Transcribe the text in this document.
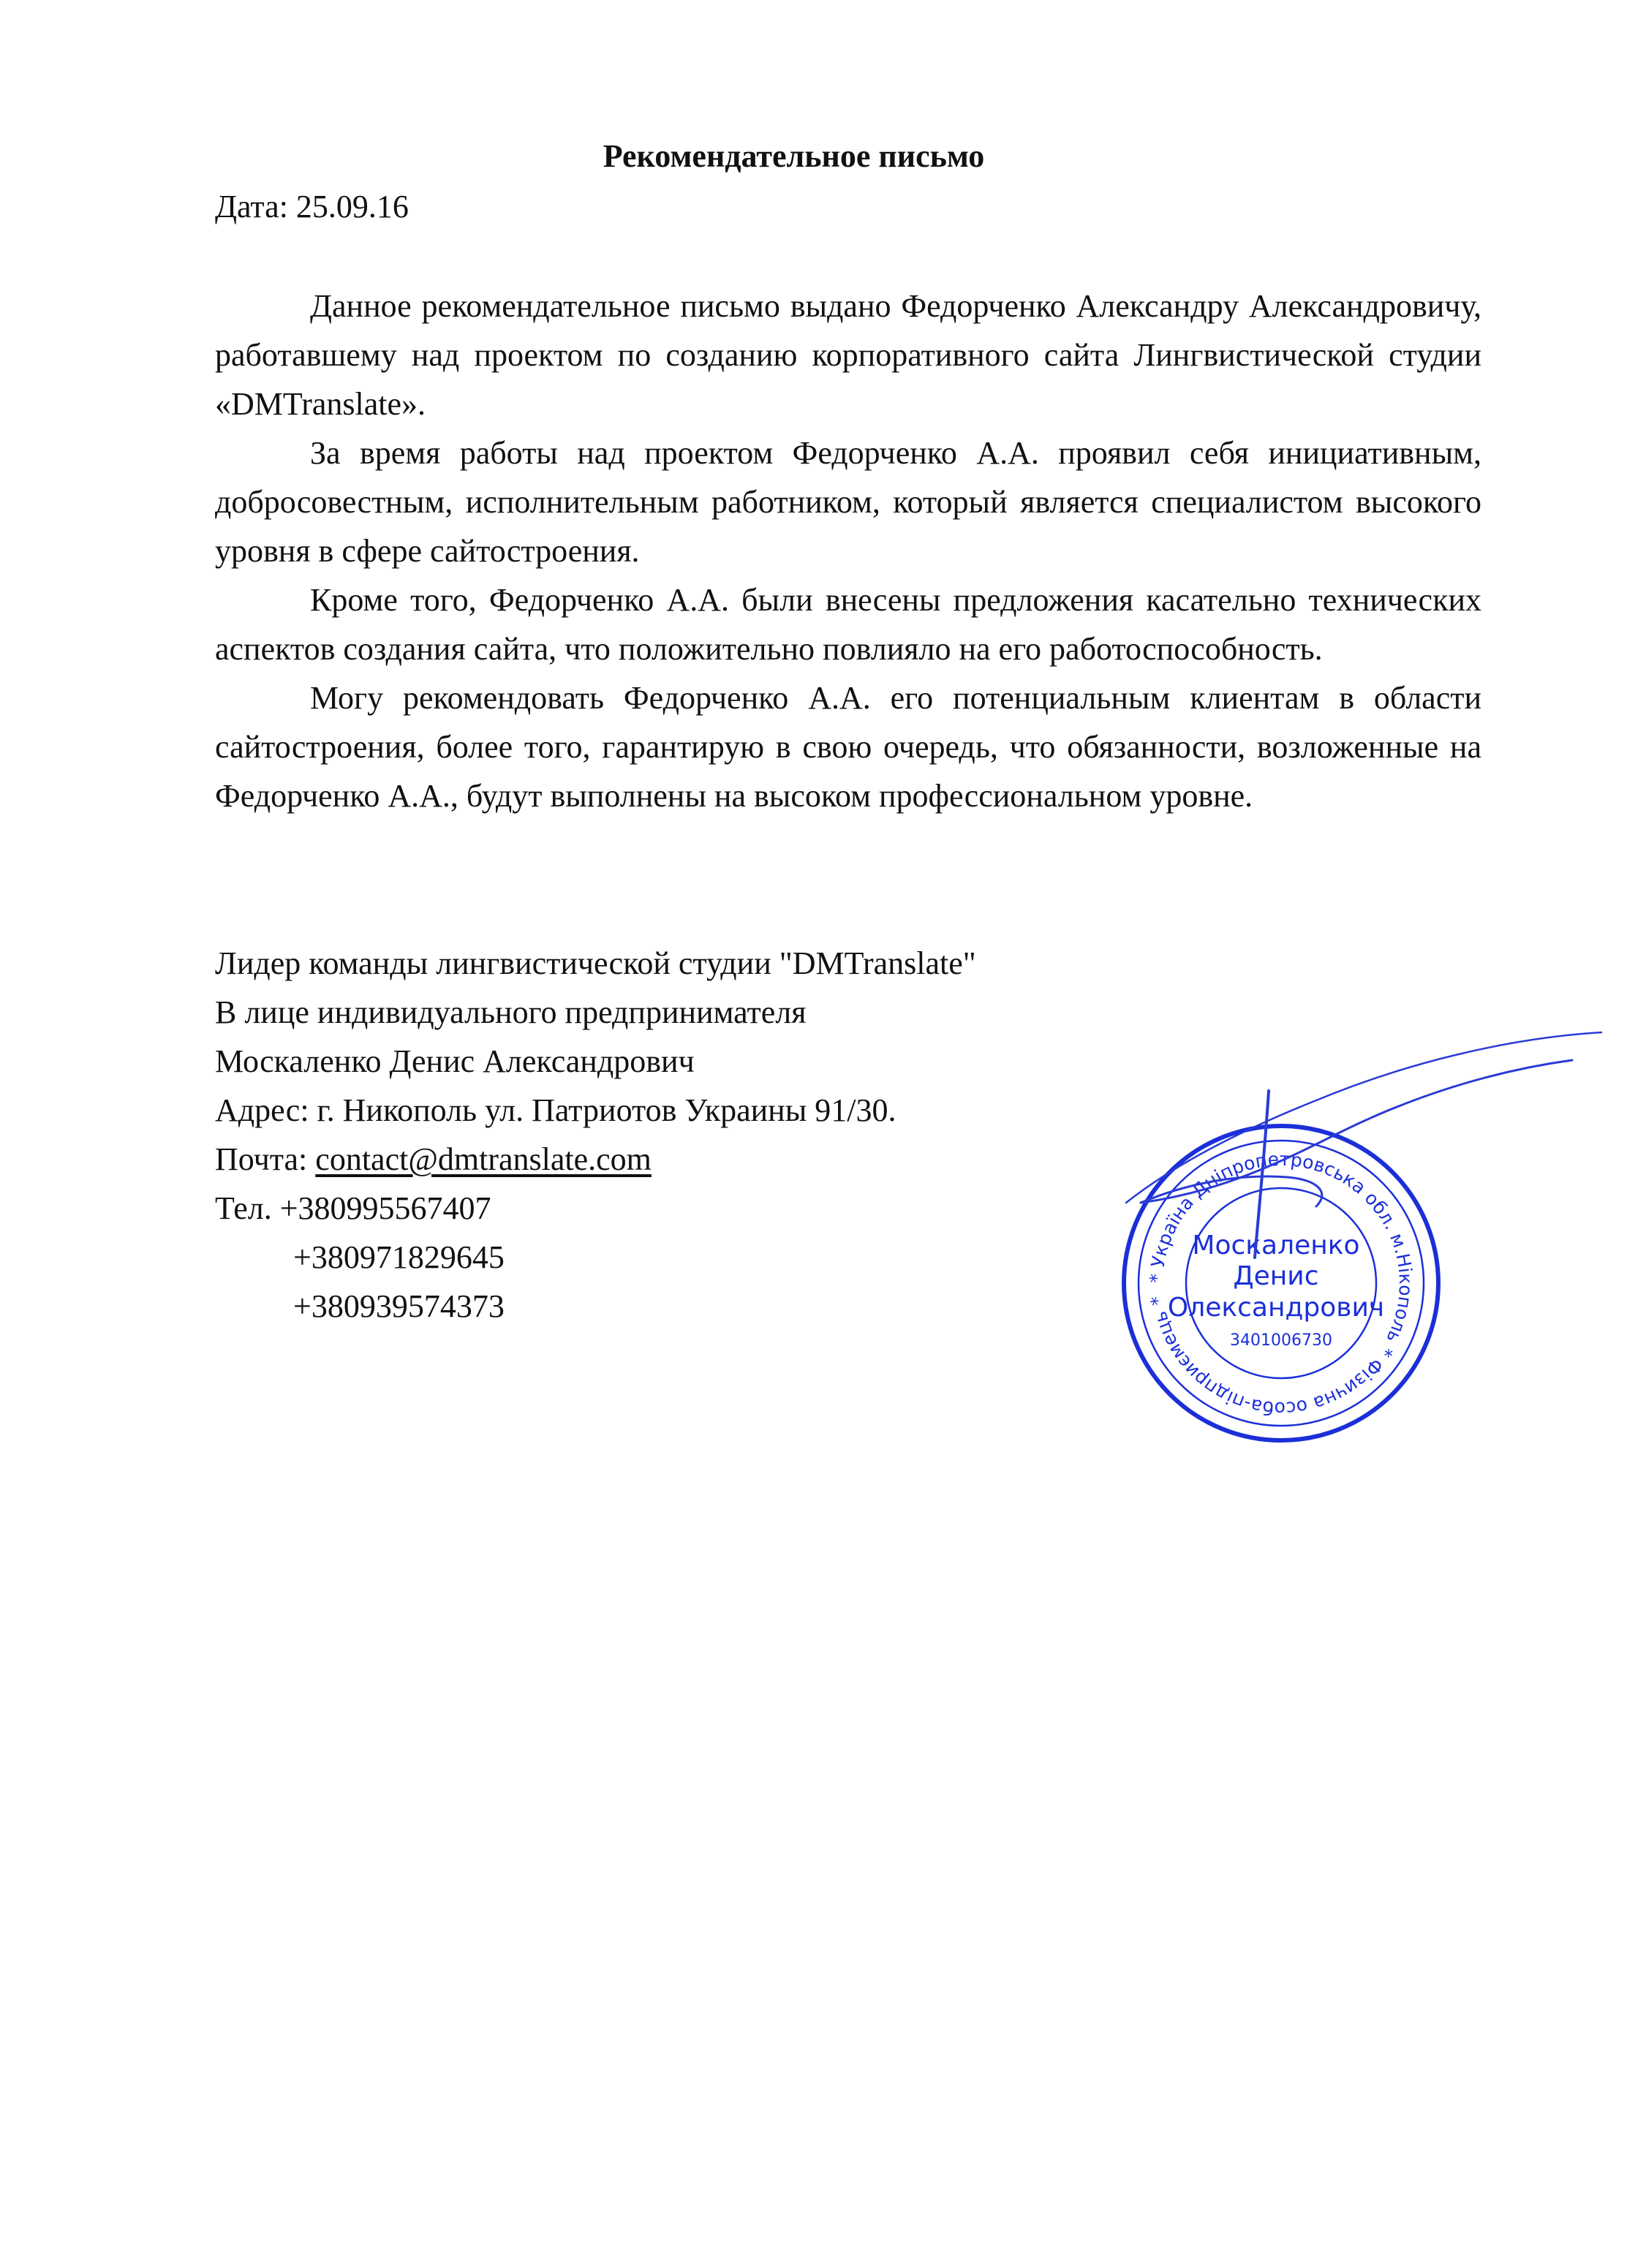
Рекомендательное письмо
Дата: 25.09.16

Данное рекомендательное письмо выдано Федорченко Александру Александровичу, работавшему над проектом по созданию корпоративного сайта Лингвистической студии «DMTranslate».

За время работы над проектом Федорченко А.А. проявил себя инициативным, добросовестным, исполнительным работником, который является специалистом высокого уровня в сфере сайтостроения.

Кроме того, Федорченко А.А. были внесены предложения касательно технических аспектов создания сайта, что положительно повлияло на его работоспособность.

Могу рекомендовать Федорченко А.А. его потенциальным клиентам в области сайтостроения, более того, гарантирую в свою очередь, что обязанности, возложенные на Федорченко А.А., будут выполнены на высоком профессиональном уровне.

Лидер команды лингвистической студии "DMTranslate"
В лице индивидуального предпринимателя
Москаленко Денис Александрович
Адрес: г. Никополь ул. Патриотов Украины 91/30.
Почта: contact@dmtranslate.com
Тел. +380995567407
+380971829645
+380939574373
* Україна Дніпропетровська обл. м.Нікополь * Фізична особа-підприємець *
Москаленко
Денис
Олександрович
3401006730
